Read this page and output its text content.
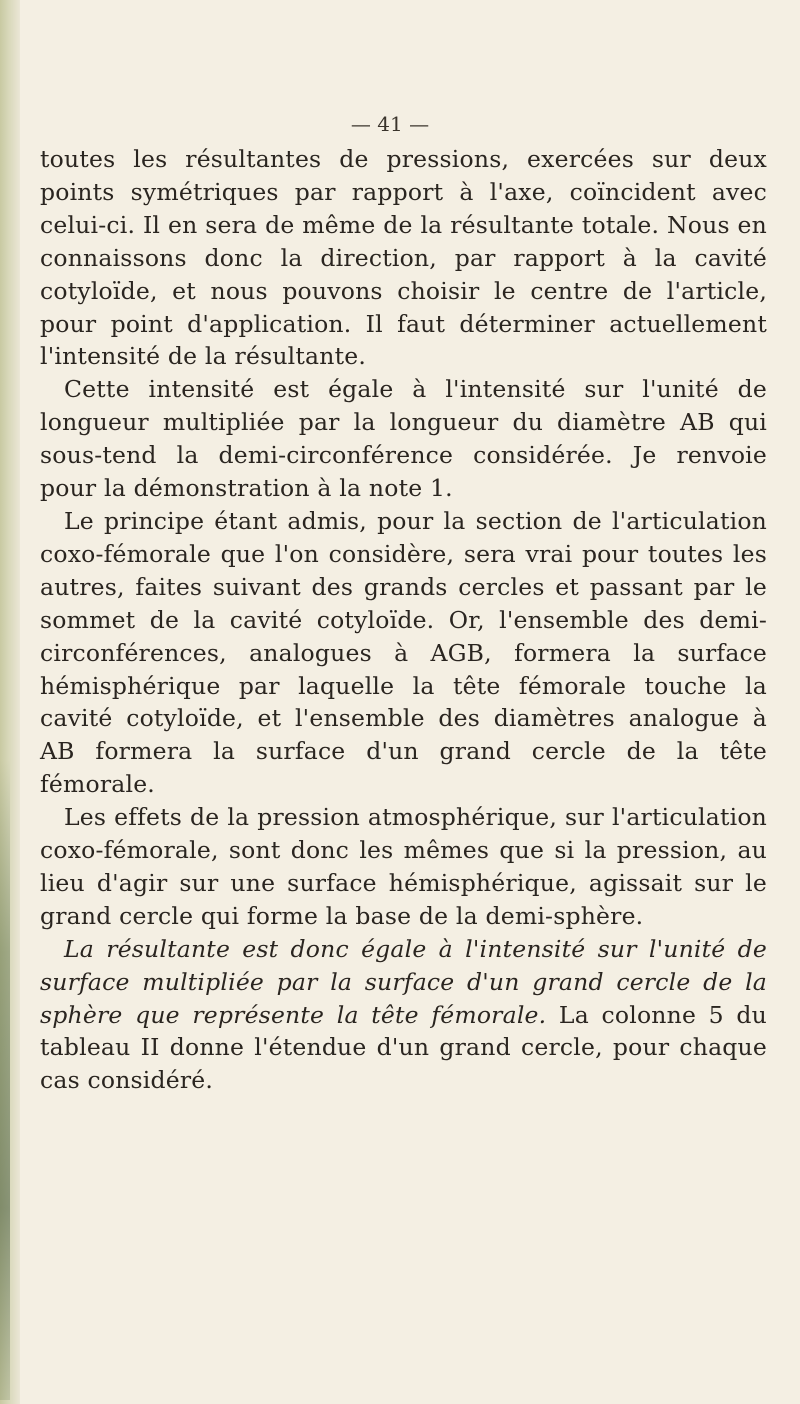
— 41 —

toutes les résultantes de pressions, exercées sur deux points symétriques par rapport à l'axe, coïncident avec celui-ci. Il en sera de même de la résultante totale. Nous en connaissons donc la direction, par rapport à la cavité cotyloïde, et nous pouvons choisir le centre de l'article, pour point d'application. Il faut déterminer actuellement l'intensité de la résultante.

Cette intensité est égale à l'intensité sur l'unité de longueur multipliée par la longueur du diamètre AB qui sous-tend la demi-circonférence considérée. Je renvoie pour la démonstration à la note 1.

Le principe étant admis, pour la section de l'articulation coxo-fémorale que l'on considère, sera vrai pour toutes les autres, faites suivant des grands cercles et passant par le sommet de la cavité cotyloïde. Or, l'ensemble des demi-circonférences, analogues à AGB, formera la surface hémisphérique par laquelle la tête fémorale touche la cavité cotyloïde, et l'ensemble des diamètres analogue à AB formera la surface d'un grand cercle de la tête fémorale.

Les effets de la pression atmosphérique, sur l'articulation coxo-fémorale, sont donc les mêmes que si la pression, au lieu d'agir sur une surface hémisphérique, agissait sur le grand cercle qui forme la base de la demi-sphère.

La résultante est donc égale à l'intensité sur l'unité de surface multipliée par la surface d'un grand cercle de la sphère que représente la tête fémorale. La colonne 5 du tableau II donne l'étendue d'un grand cercle, pour chaque cas considéré.
